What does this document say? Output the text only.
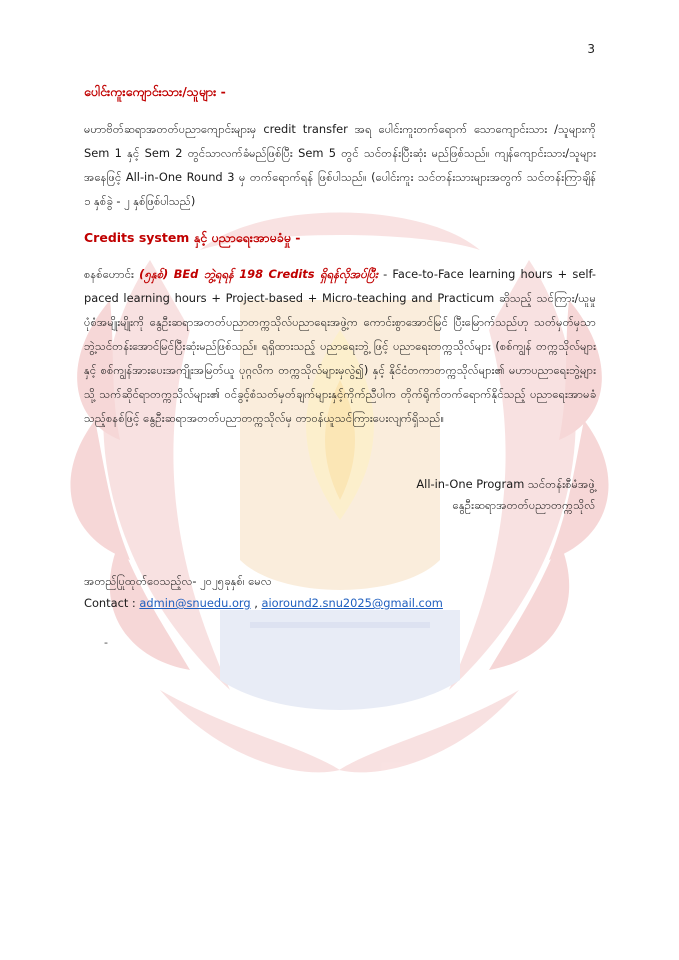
3
ပေါင်းကူးကျောင်းသား/သူများ -
မဟာဗိတ်ဆရာအတတ်ပညာကျောင်းများမှ credit transfer အရ ပေါင်းကူးတက်ရောက် သောကျောင်းသား /သူများကို Sem 1 နှင့် Sem 2 တွင်သာလက်ခံမည်ဖြစ်ပြီး Sem 5 တွင် သင်တန်းပြီးဆုံး မည်ဖြစ်သည်။ ကျန်ကျောင်းသား/သူများအနေဖြင့် All-in-One Round 3 မှ တက်ရောက်ရန် ဖြစ်ပါသည်။ (ပေါင်းကူး သင်တန်းသားများအတွက် သင်တန်းကြာချိန် ၁ နှစ်ခွဲ - ၂ နှစ်ဖြစ်ပါသည်)
Credits system နှင့် ပညာရေးအာမခံမှု -
စနစ်ဟောင်း (၅နှစ်) BEd ဘွဲ့ရရန် 198 Credits ရှိရန်လိုအပ်ပြီး - Face-to-Face learning hours + self-paced learning hours + Project-based + Micro-teaching and Practicum ဆိုသည့် သင်ကြား/ယူမှုပုံစံအမျိုးမျိုးကို နွေဦးဆရာအတတ်ပညာတက္ကသိုလ်ပညာရေးအဖွဲ့က ကောင်းစွာအောင်မြင် ပြီးမြောက်သည်ဟု သတ်မှတ်မှသာ ဘွဲ့သင်တန်းအောင်မြင်ပြီးဆုံးမည်ဖြစ်သည်။ ရရှိထားသည့် ပညာရေးဘွဲ့ ဖြင့် ပညာရေးတက္ကသိုလ်များ (စစ်ကျွန် တက္ကသိုလ်များနှင့် စစ်ကျွန်အားပေးအကျိုးအမြတ်ယူ ပုဂ္ဂလိက တက္ကသိုလ်များမှလွဲ၍) နှင့် နိုင်ငံတကာတက္ကသိုလ်များ၏ မဟာပညာရေးဘွဲ့များသို့ သက်ဆိုင်ရာတက္ကသိုလ်များ၏ ဝင်ခွင့်စံသတ်မှတ်ချက်များနှင့်ကိုက်ညီပါက တိုက်ရိုက်တက်ရောက်နိုင်သည့် ပညာရေးအာမခံသည့်စနစ်ဖြင့် နွေဦးဆရာအတတ်ပညာတက္ကသိုလ်မှ တာဝန်ယူသင်ကြားပေးလျက်ရှိသည်။
All-in-One Program သင်တန်းစီမံအဖွဲ့
နွေဦးဆရာအတတ်ပညာတက္ကသိုလ်
အတည်ပြုထုတ်ဝေသည့်လ- ၂၀၂၅ခုနှစ်၊ မေလ
Contact : admin@snuedu.org , aioround2.snu2025@gmail.com
-
